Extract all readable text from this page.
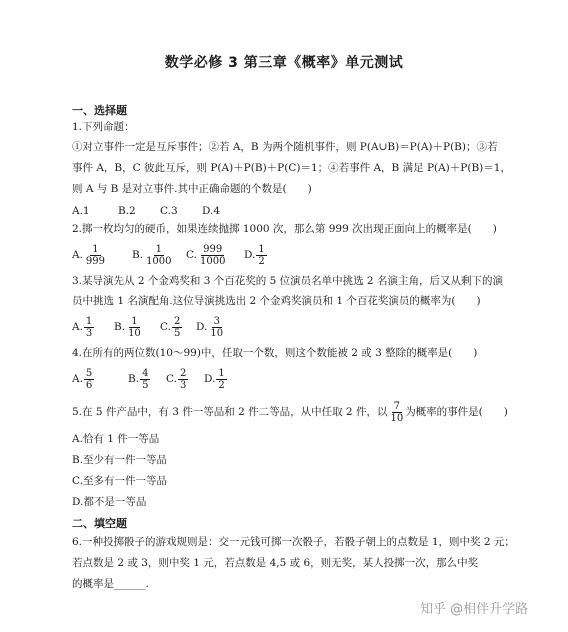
数学必修 3 第三章《概率》单元测试
一、选择题
1.下列命题：
①对立事件一定是互斥事件；②若 A，B 为两个随机事件，则 P(A∪B)＝P(A)＋P(B)；③若
事件 A，B，C 彼此互斥，则 P(A)＋P(B)＋P(C)＝1；④若事件 A，B 满足 P(A)＋P(B)＝1，
则 A 与 B 是对立事件.其中正确命题的个数是(　　)
A.1	B.2 C.3 D.4
2.掷一枚均匀的硬币，如果连续抛掷 1000 次，那么第 999 次出现正面向上的概率是(　　)
A. $\frac{1}{999} B$. $\frac{1}{1000} C$. $\frac{999}{1000} D$. $\frac{1}{2}$
3.某导演先从 2 个金鸡奖和 3 个百花奖的 5 位演员名单中挑选 2 名演主角，后又从剩下的演
员中挑选 1 名演配角.这位导演挑选出 2 个金鸡奖演员和 1 个百花奖演员的概率为(　　)
A. $\frac{1}{3} B$. $\frac{1}{10} C$. $\frac{2}{5} D$. $\frac{3}{10}$
4.在所有的两位数(10～99)中，任取一个数，则这个数能被 2 或 3 整除的概率是(　　)
A. $\frac{5}{6}$	B. $\frac{4}{5} C$. $\frac{2}{3} D$. $\frac{1}{2}$
5.在 5 件产品中，有 3 件一等品和 2 件二等品，从中任取 2 件，以 $\frac{7}{10}$ 为概率的事件是(　　)
A.恰有 1 件一等品
B.至少有一件一等品
C.至多有一件一等品
D.都不是一等品
二、填空题
6.一种投掷骰子的游戏规则是：交一元钱可掷一次骰子，若骰子朝上的点数是 1，则中奖 2 元；
若点数是 2 或 3，则中奖 1 元，若点数是 4,5 或 6，则无奖，某人投掷一次，那么中奖
的概率是______.
知乎 @相伴升学路
